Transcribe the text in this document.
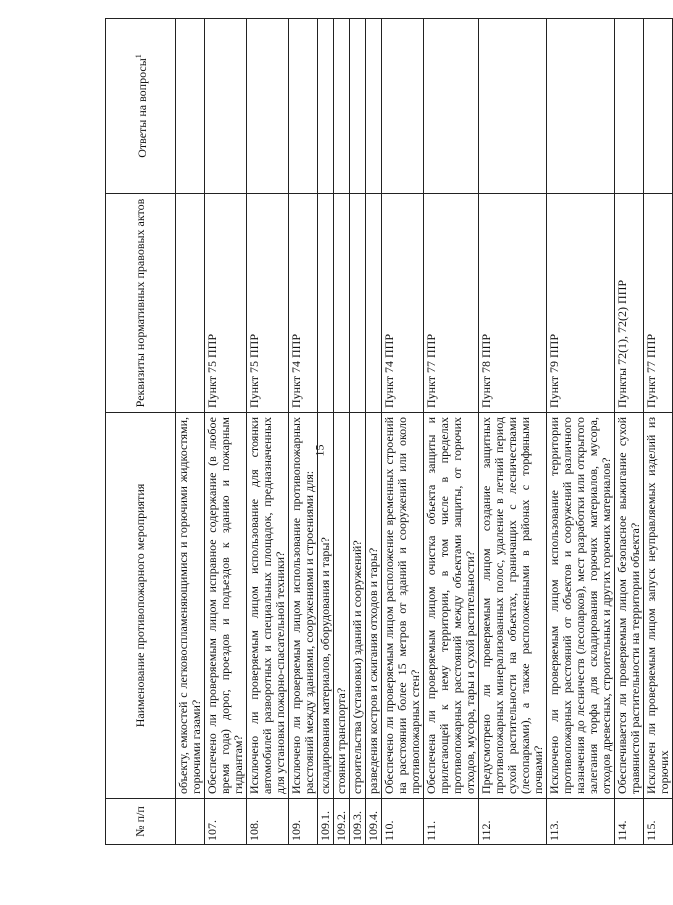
15
№ п/п	Наименование противопожарного мероприятия	Реквизиты нормативных правовых актов	Ответы на вопросы$^1$
	объекту, емкостей с легковоспламеняющимися и горючими жидкостями, горючими газами?		
107.	Обеспечено ли проверяемым лицом исправное содержание (в любое время года) дорог, проездов и подъездов к зданию и пожарным гидрантам?	Пункт 75 ППР	
108.	Исключено ли проверяемым лицом использование для стоянки автомобилей разворотных и специальных площадок, предназначенных для установки пожарно-спасательной техники?	Пункт 75 ППР	
109.	Исключено ли проверяемым лицом использование противопожарных расстояний между зданиями, сооружениями и строениями для:	Пункт 74 ППР	
109.1.	складирования материалов, оборудования и тары?		
109.2.	стоянки транспорта?		
109.3.	строительства (установки) зданий и сооружений?		
109.4.	разведения костров и сжигания отходов и тары?		
110.	Обеспечено ли проверяемым лицом расположение временных строений на расстоянии более 15 метров от зданий и сооружений или около противопожарных стен?	Пункт 74 ППР	
111.	Обеспечена ли проверяемым лицом очистка объекта защиты и прилегающей к нему территории, в том числе в пределах противопожарных расстояний между объектами защиты, от горючих отходов, мусора, тары и сухой растительности?	Пункт 77 ППР	
112.	Предусмотрено ли проверяемым лицом создание защитных противопожарных минерализованных полос, удаление в летний период сухой растительности на объектах, граничащих с лесничествами (лесопарками), а также расположенными в районах с торфяными почвами?	Пункт 78 ППР	
113.	Исключено ли проверяемым лицом использование территории противопожарных расстояний от объектов и сооружений различного назначения до лесничеств (лесопарков), мест разработки или открытого залегания торфа для складирования горючих материалов, мусора, отходов древесных, строительных и других горючих материалов?	Пункт 79 ППР	
114.	Обеспечивается ли проверяемым лицом безопасное выжигание сухой травянистой растительности на территории объекта?	Пункты 72(1), 72(2) ППР	
115.	Исключен ли проверяемым лицом запуск неуправляемых изделий из горючих	Пункт 77 ППР	
